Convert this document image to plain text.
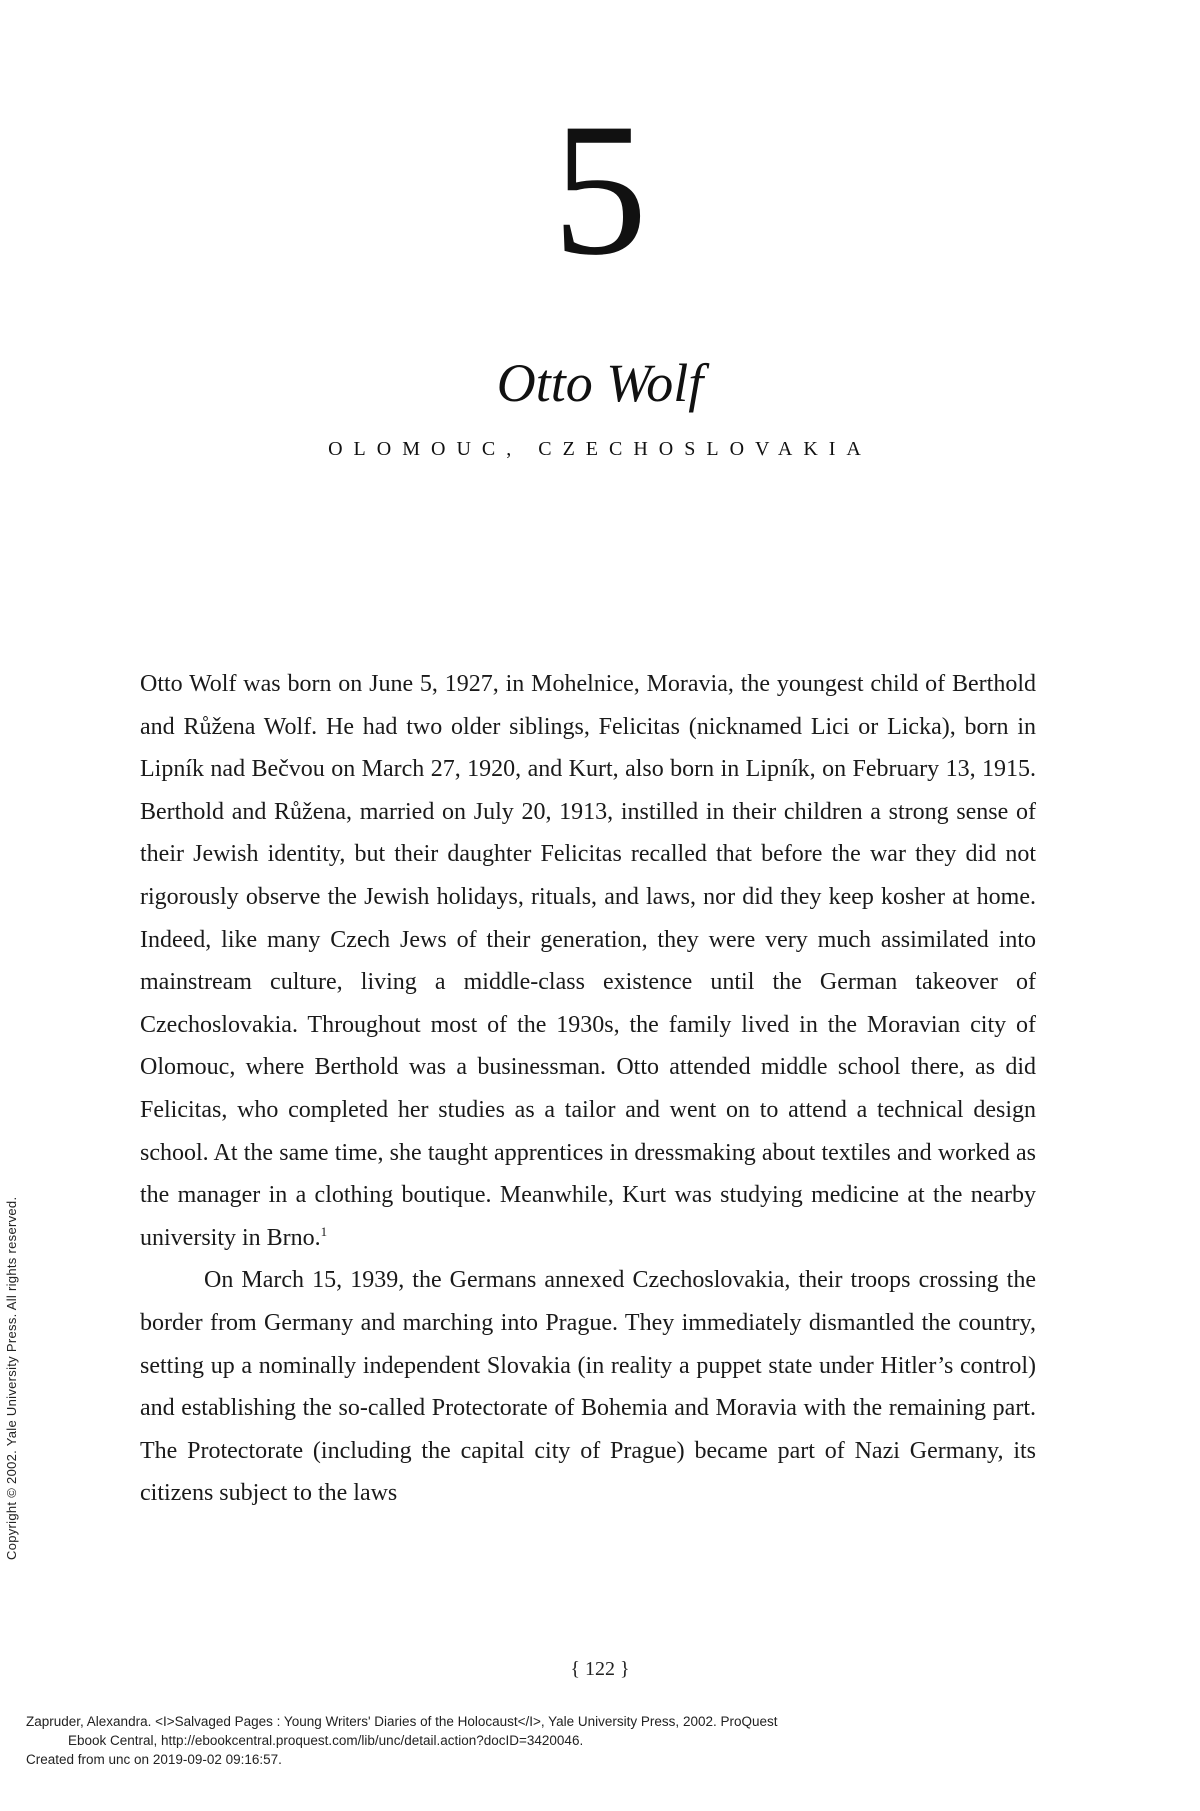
5
Otto Wolf
OLOMOUC, CZECHOSLOVAKIA

Otto Wolf was born on June 5, 1927, in Mohelnice, Moravia, the youngest child of Berthold and Růžena Wolf. He had two older siblings, Felicitas (nicknamed Lici or Licka), born in Lipník nad Bečvou on March 27, 1920, and Kurt, also born in Lipník, on February 13, 1915. Berthold and Růžena, married on July 20, 1913, instilled in their children a strong sense of their Jewish identity, but their daughter Felicitas recalled that before the war they did not rigorously observe the Jewish holidays, rituals, and laws, nor did they keep kosher at home. Indeed, like many Czech Jews of their generation, they were very much assimilated into mainstream culture, living a middle-class existence until the German takeover of Czechoslovakia. Throughout most of the 1930s, the family lived in the Moravian city of Olomouc, where Berthold was a businessman. Otto attended middle school there, as did Felicitas, who completed her studies as a tailor and went on to attend a technical design school. At the same time, she taught apprentices in dressmaking about textiles and worked as the manager in a clothing boutique. Meanwhile, Kurt was studying medicine at the nearby university in Brno.$^1$

On March 15, 1939, the Germans annexed Czechoslovakia, their troops crossing the border from Germany and marching into Prague. They immediately dismantled the country, setting up a nominally independent Slovakia (in reality a puppet state under Hitler’s control) and establishing the so-called Protectorate of Bohemia and Moravia with the remaining part. The Protectorate (including the capital city of Prague) became part of Nazi Germany, its citizens subject to the laws

Copyright © 2002. Yale University Press. All rights reserved.
{ 122 }
Zapruder, Alexandra. <I>Salvaged Pages : Young Writers' Diaries of the Holocaust</I>, Yale University Press, 2002. ProQuest
Ebook Central, http://ebookcentral.proquest.com/lib/unc/detail.action?docID=3420046.
Created from unc on 2019-09-02 09:16:57.
